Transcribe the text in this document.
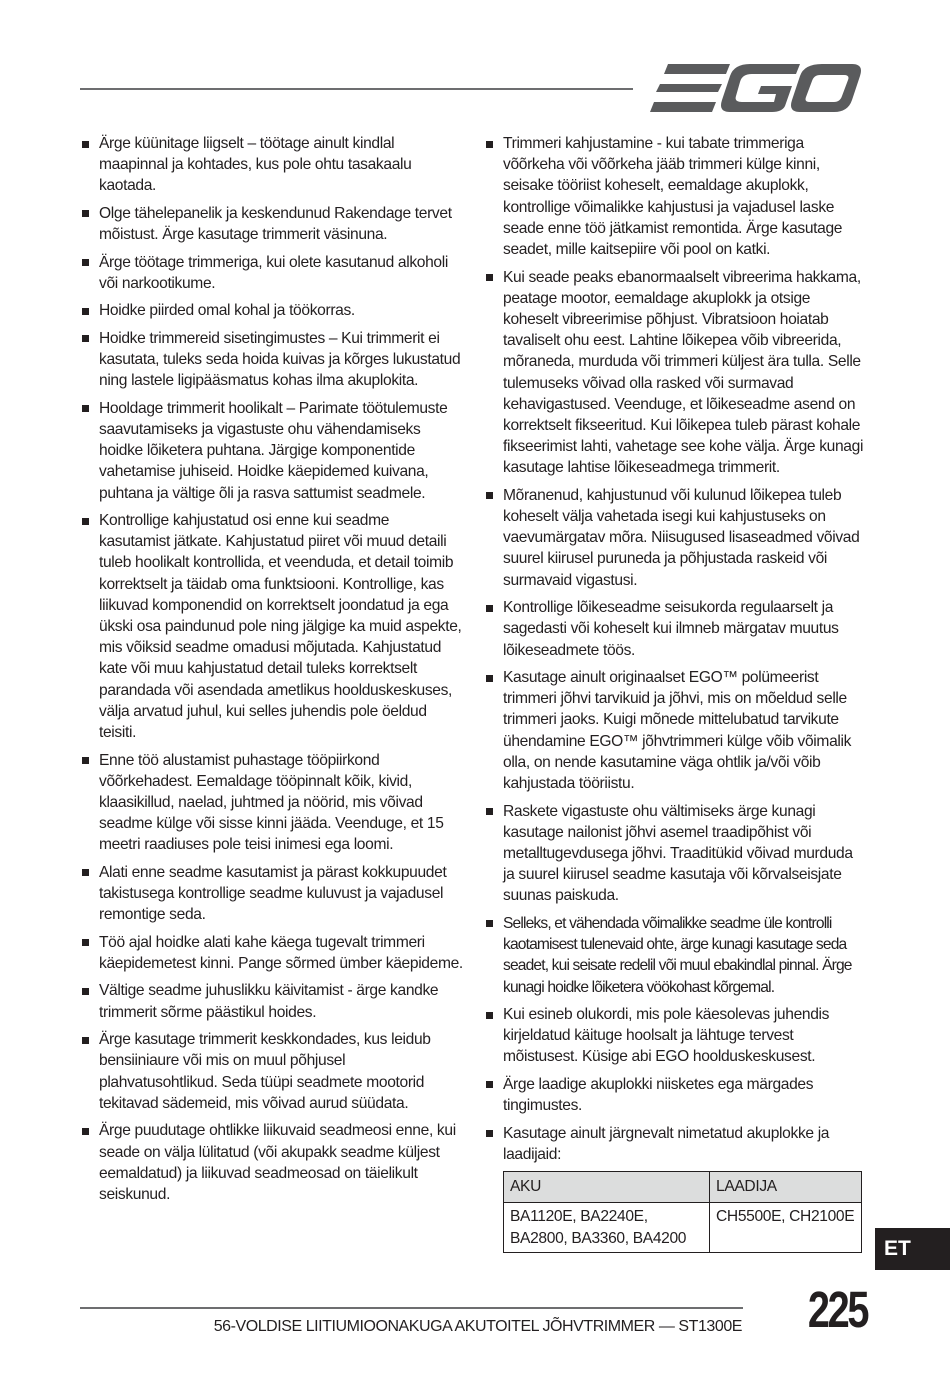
Ärge küünitage liigselt – töötage ainult kindlal maapinnal ja kohtades, kus pole ohtu tasakaalu kaotada.
Olge tähelepanelik ja keskendunud Rakendage tervet mõistust. Ärge kasutage trimmerit väsinuna.
Ärge töötage trimmeriga, kui olete kasutanud alkoholi või narkootikume.
Hoidke piirded omal kohal ja töökorras.
Hoidke trimmereid sisetingimustes – Kui trimmerit ei kasutata, tuleks seda hoida kuivas ja kõrges lukustatud ning lastele ligipääsmatus kohas ilma akuplokita.
Hooldage trimmerit hoolikalt – Parimate töötulemuste saavutamiseks ja vigastuste ohu vähendamiseks hoidke lõiketera puhtana. Järgige komponentide vahetamise juhiseid. Hoidke käepidemed kuivana, puhtana ja vältige õli ja rasva sattumist seadmele.
Kontrollige kahjustatud osi enne kui seadme kasutamist jätkate. Kahjustatud piiret või muud detaili tuleb hoolikalt kontrollida, et veenduda, et detail toimib korrektselt ja täidab oma funktsiooni. Kontrollige, kas liikuvad komponendid on korrektselt joondatud ja ega ükski osa paindunud pole ning jälgige ka muid aspekte, mis võiksid seadme omadusi mõjutada. Kahjustatud kate või muu kahjustatud detail tuleks korrektselt parandada või asendada ametlikus hoolduskeskuses, välja arvatud juhul, kui selles juhendis pole öeldud teisiti.
Enne töö alustamist puhastage tööpiirkond võõrkehadest. Eemaldage tööpinnalt kõik, kivid, klaasikillud, naelad, juhtmed ja nöörid, mis võivad seadme külge või sisse kinni jääda. Veenduge, et 15 meetri raadiuses pole teisi inimesi ega loomi.
Alati enne seadme kasutamist ja pärast kokkupuudet takistusega kontrollige seadme kuluvust ja vajadusel remontige seda.
Töö ajal hoidke alati kahe käega tugevalt trimmeri käepidemetest kinni. Pange sõrmed ümber käepideme.
Vältige seadme juhuslikku käivitamist - ärge kandke trimmerit sõrme päästikul hoides.
Ärge kasutage trimmerit keskkondades, kus leidub bensiiniaure või mis on muul põhjusel plahvatusohtlikud. Seda tüüpi seadmete mootorid tekitavad sädemeid, mis võivad aurud süüdata.
Ärge puudutage ohtlikke liikuvaid seadmeosi enne, kui seade on välja lülitatud (või akupakk seadme küljest eemaldatud) ja liikuvad seadmeosad on täielikult seiskunud.
Trimmeri kahjustamine - kui tabate trimmeriga võõrkeha või võõrkeha jääb trimmeri külge kinni, seisake tööriist koheselt, eemaldage akuplokk, kontrollige võimalikke kahjustusi ja vajadusel laske seade enne töö jätkamist remontida. Ärge kasutage seadet, mille kaitsepiire või pool on katki.
Kui seade peaks ebanormaalselt vibreerima hakkama, peatage mootor, eemaldage akuplokk ja otsige koheselt vibreerimise põhjust. Vibratsioon hoiatab tavaliselt ohu eest. Lahtine lõikepea võib vibreerida, mõraneda, murduda või trimmeri küljest ära tulla. Selle tulemuseks võivad olla rasked või surmavad kehavigastused. Veenduge, et lõikeseadme asend on korrektselt fikseeritud. Kui lõikepea tuleb pärast kohale fikseerimist lahti, vahetage see kohe välja. Ärge kunagi kasutage lahtise lõikeseadmega trimmerit.
Mõranenud, kahjustunud või kulunud lõikepea tuleb koheselt välja vahetada isegi kui kahjustuseks on vaevumärgatav mõra. Niisugused lisaseadmed võivad suurel kiirusel puruneda ja põhjustada raskeid või surmavaid vigastusi.
Kontrollige lõikeseadme seisukorda regulaarselt ja sagedasti või koheselt kui ilmneb märgatav muutus lõikeseadmete töös.
Kasutage ainult originaalset EGO™ polümeerist trimmeri jõhvi tarvikuid ja jõhvi, mis on mõeldud selle trimmeri jaoks. Kuigi mõnede mittelubatud tarvikute ühendamine EGO™ jõhvtrimmeri külge võib võimalik olla, on nende kasutamine väga ohtlik ja/või võib kahjustada tööriistu.
Raskete vigastuste ohu vältimiseks ärge kunagi kasutage nailonist jõhvi asemel traadipõhist või metalltugevdusega jõhvi. Traaditükid võivad murduda ja suurel kiirusel seadme kasutaja või kõrvalseisjate suunas paiskuda.
Selleks, et vähendada võimalikke seadme üle kontrolli kaotamisest tulenevaid ohte, ärge kunagi kasutage seda seadet, kui seisate redelil või muul ebakindlal pinnal. Ärge kunagi hoidke lõiketera vöökohast kõrgemal.
Kui esineb olukordi, mis pole käesolevas juhendis kirjeldatud käituge hoolsalt ja lähtuge tervest mõistusest. Küsige abi EGO hoolduskeskusest.
Ärge laadige akuplokki niisketes ega märgades tingimustes.
Kasutage ainult järgnevalt nimetatud akuplokke ja laadijaid:
AKU	LAADIJA
BA1120E, BA2240E, BA2800, BA3360, BA4200	CH5500E, CH2100E
ET
56-VOLDISE LIITIUMIOONAKUGA AKUTOITEL JÕHVTRIMMER — ST1300E 225
